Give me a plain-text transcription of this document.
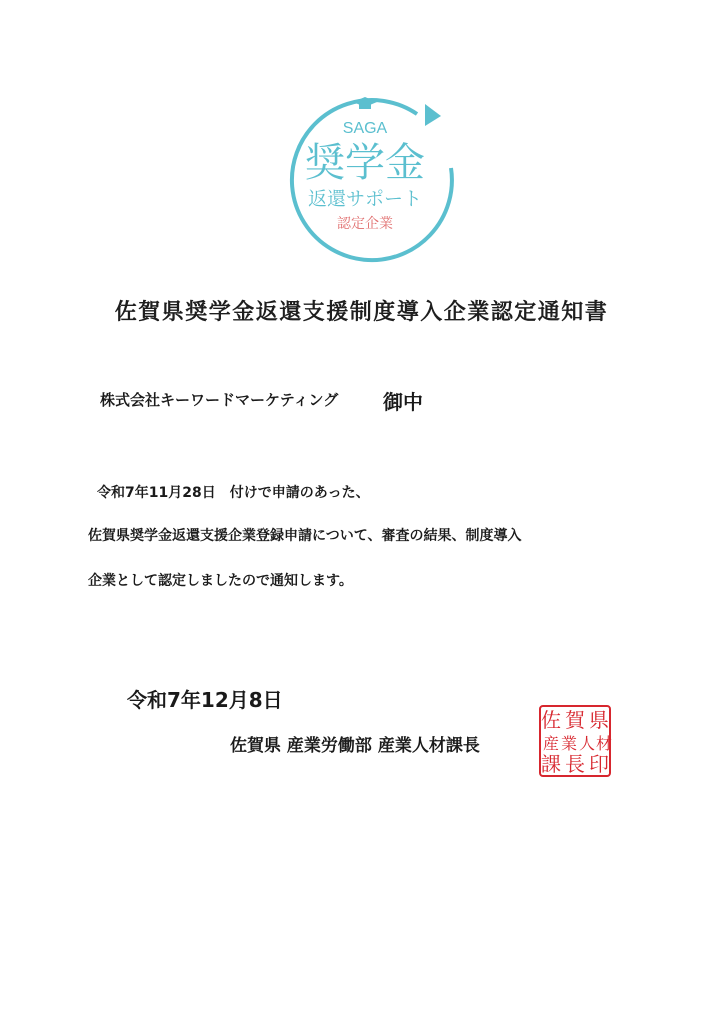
SAGA
奨学金
返還サポート
認定企業
佐賀県奨学金返還支援制度導入企業認定通知書
株式会社キーワードマーケティング 御中
令和7年11月28日　付けで申請のあった、
佐賀県奨学金返還支援企業登録申請について、審査の結果、制度導入
企業として認定しましたので通知します。
令和7年12月8日
佐賀県 産業労働部 産業人材課長
佐 賀 県
産 業 人 材
課 長 印
